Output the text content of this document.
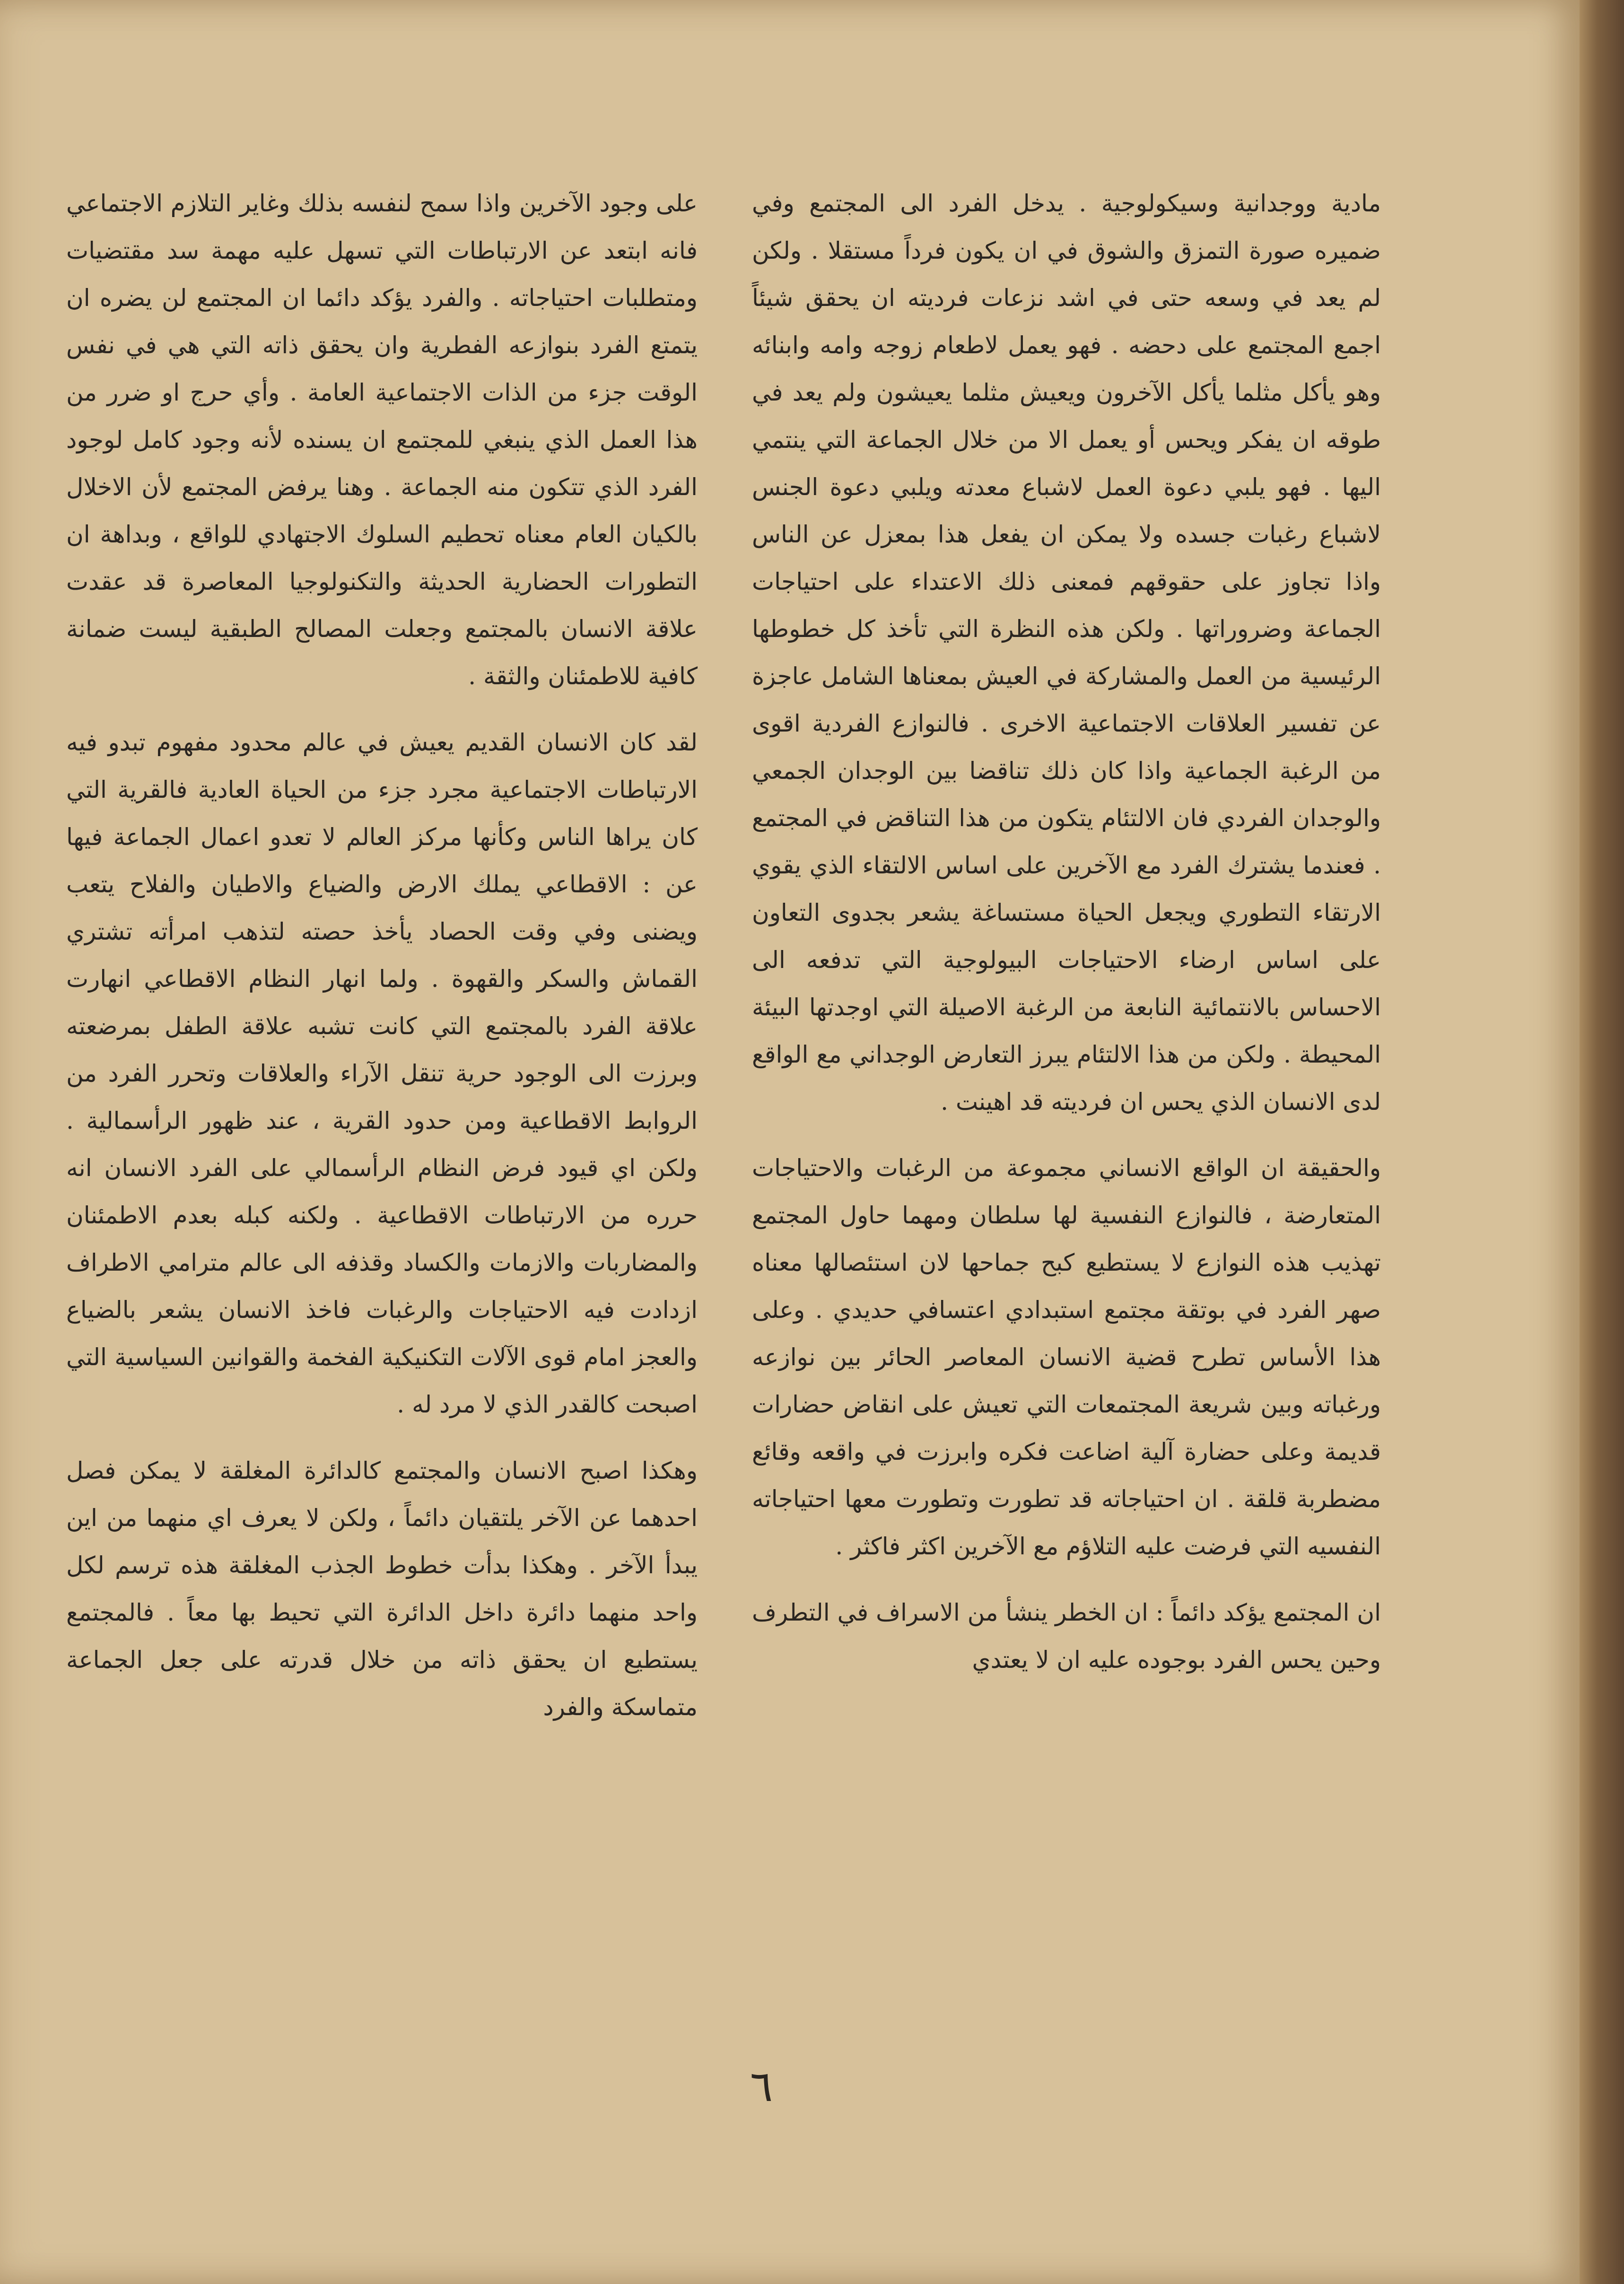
مادية ووجدانية وسيكولوجية . يدخل الفرد الى المجتمع وفي ضميره صورة التمزق والشوق في ان يكون فرداً مستقلا . ولكن لم يعد في وسعه حتى في اشد نزعات فرديته ان يحقق شيئاً اجمع المجتمع على دحضه . فهو يعمل لاطعام زوجه وامه وابنائه وهو يأكل مثلما يأكل الآخرون ويعيش مثلما يعيشون ولم يعد في طوقه ان يفكر ويحس أو يعمل الا من خلال الجماعة التي ينتمي اليها . فهو يلبي دعوة العمل لاشباع معدته ويلبي دعوة الجنس لاشباع رغبات جسده ولا يمكن ان يفعل هذا بمعزل عن الناس واذا تجاوز على حقوقهم فمعنى ذلك الاعتداء على احتياجات الجماعة وضروراتها . ولكن هذه النظرة التي تأخذ كل خطوطها الرئيسية من العمل والمشاركة في العيش بمعناها الشامل عاجزة عن تفسير العلاقات الاجتماعية الاخرى . فالنوازع الفردية اقوى من الرغبة الجماعية واذا كان ذلك تناقضا بين الوجدان الجمعي والوجدان الفردي فان الالتئام يتكون من هذا التناقض في المجتمع . فعندما يشترك الفرد مع الآخرين على اساس الالتقاء الذي يقوي الارتقاء التطوري ويجعل الحياة مستساغة يشعر بجدوى التعاون على اساس ارضاء الاحتياجات البيولوجية التي تدفعه الى الاحساس بالانتمائية النابعة من الرغبة الاصيلة التي اوجدتها البيئة المحيطة . ولكن من هذا الالتئام يبرز التعارض الوجداني مع الواقع لدى الانسان الذي يحس ان فرديته قد اهينت .

والحقيقة ان الواقع الانساني مجموعة من الرغبات والاحتياجات المتعارضة ، فالنوازع النفسية لها سلطان ومهما حاول المجتمع تهذيب هذه النوازع لا يستطيع كبح جماحها لان استئصالها معناه صهر الفرد في بوتقة مجتمع استبدادي اعتسافي حديدي . وعلى هذا الأساس تطرح قضية الانسان المعاصر الحائر بين نوازعه ورغباته وبين شريعة المجتمعات التي تعيش على انقاض حضارات قديمة وعلى حضارة آلية اضاعت فكره وابرزت في واقعه وقائع مضطربة قلقة . ان احتياجاته قد تطورت وتطورت معها احتياجاته النفسيه التي فرضت عليه التلاؤم مع الآخرين اكثر فاكثر .

ان المجتمع يؤكد دائماً : ان الخطر ينشأ من الاسراف في التطرف وحين يحس الفرد بوجوده عليه ان لا يعتدي

على وجود الآخرين واذا سمح لنفسه بذلك وغاير التلازم الاجتماعي فانه ابتعد عن الارتباطات التي تسهل عليه مهمة سد مقتضيات ومتطلبات احتياجاته . والفرد يؤكد دائما ان المجتمع لن يضره ان يتمتع الفرد بنوازعه الفطرية وان يحقق ذاته التي هي في نفس الوقت جزء من الذات الاجتماعية العامة . وأي حرج او ضرر من هذا العمل الذي ينبغي للمجتمع ان يسنده لأنه وجود كامل لوجود الفرد الذي تتكون منه الجماعة . وهنا يرفض المجتمع لأن الاخلال بالكيان العام معناه تحطيم السلوك الاجتهادي للواقع ، وبداهة ان التطورات الحضارية الحديثة والتكنولوجيا المعاصرة قد عقدت علاقة الانسان بالمجتمع وجعلت المصالح الطبقية ليست ضمانة كافية للاطمئنان والثقة .

لقد كان الانسان القديم يعيش في عالم محدود مفهوم تبدو فيه الارتباطات الاجتماعية مجرد جزء من الحياة العادية فالقرية التي كان يراها الناس وكأنها مركز العالم لا تعدو اعمال الجماعة فيها عن : الاقطاعي يملك الارض والضياع والاطيان والفلاح يتعب ويضنى وفي وقت الحصاد يأخذ حصته لتذهب امرأته تشتري القماش والسكر والقهوة . ولما انهار النظام الاقطاعي انهارت علاقة الفرد بالمجتمع التي كانت تشبه علاقة الطفل بمرضعته وبرزت الى الوجود حرية تنقل الآراء والعلاقات وتحرر الفرد من الروابط الاقطاعية ومن حدود القرية ، عند ظهور الرأسمالية . ولكن اي قيود فرض النظام الرأسمالي على الفرد الانسان انه حرره من الارتباطات الاقطاعية . ولكنه كبله بعدم الاطمئنان والمضاربات والازمات والكساد وقذفه الى عالم مترامي الاطراف ازدادت فيه الاحتياجات والرغبات فاخذ الانسان يشعر بالضياع والعجز امام قوى الآلات التكنيكية الفخمة والقوانين السياسية التي اصبحت كالقدر الذي لا مرد له .

وهكذا اصبح الانسان والمجتمع كالدائرة المغلقة لا يمكن فصل احدهما عن الآخر يلتقيان دائماً ، ولكن لا يعرف اي منهما من اين يبدأ الآخر . وهكذا بدأت خطوط الجذب المغلقة هذه ترسم لكل واحد منهما دائرة داخل الدائرة التي تحيط بها معاً . فالمجتمع يستطيع ان يحقق ذاته من خلال قدرته على جعل الجماعة متماسكة والفرد

٦
